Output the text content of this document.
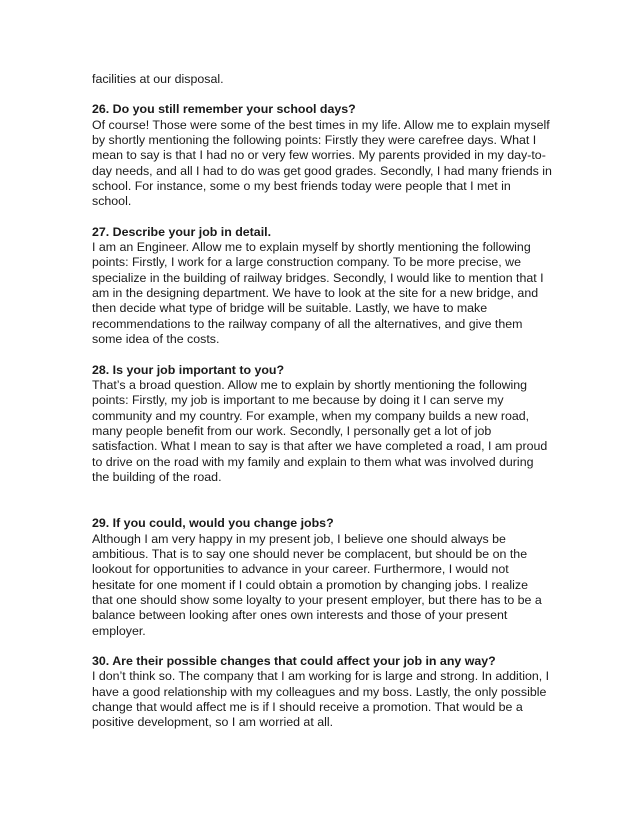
facilities at our disposal.

26. Do you still remember your school days?

Of course! Those were some of the best times in my life. Allow me to explain myself by shortly mentioning the following points: Firstly they were carefree days. What I mean to say is that I had no or very few worries. My parents provided in my day-to-day needs, and all I had to do was get good grades. Secondly, I had many friends in school. For instance, some o my best friends today were people that I met in school.

27. Describe your job in detail.

I am an Engineer. Allow me to explain myself by shortly mentioning the following points: Firstly, I work for a large construction company. To be more precise, we specialize in the building of railway bridges. Secondly, I would like to mention that I am in the designing department. We have to look at the site for a new bridge, and then decide what type of bridge will be suitable. Lastly, we have to make recommendations to the railway company of all the alternatives, and give them some idea of the costs.

28. Is your job important to you?

That’s a broad question. Allow me to explain by shortly mentioning the following points: Firstly, my job is important to me because by doing it I can serve my community and my country. For example, when my company builds a new road, many people benefit from our work. Secondly, I personally get a lot of job satisfaction. What I mean to say is that after we have completed a road, I am proud to drive on the road with my family and explain to them what was involved during the building of the road.

29. If you could, would you change jobs?

Although I am very happy in my present job, I believe one should always be ambitious. That is to say one should never be complacent, but should be on the lookout for opportunities to advance in your career. Furthermore, I would not hesitate for one moment if I could obtain a promotion by changing jobs. I realize that one should show some loyalty to your present employer, but there has to be a balance between looking after ones own interests and those of your present employer.

30. Are their possible changes that could affect your job in any way?

I don’t think so. The company that I am working for is large and strong. In addition, I have a good relationship with my colleagues and my boss. Lastly, the only possible change that would affect me is if I should receive a promotion. That would be a positive development, so I am worried at all.
